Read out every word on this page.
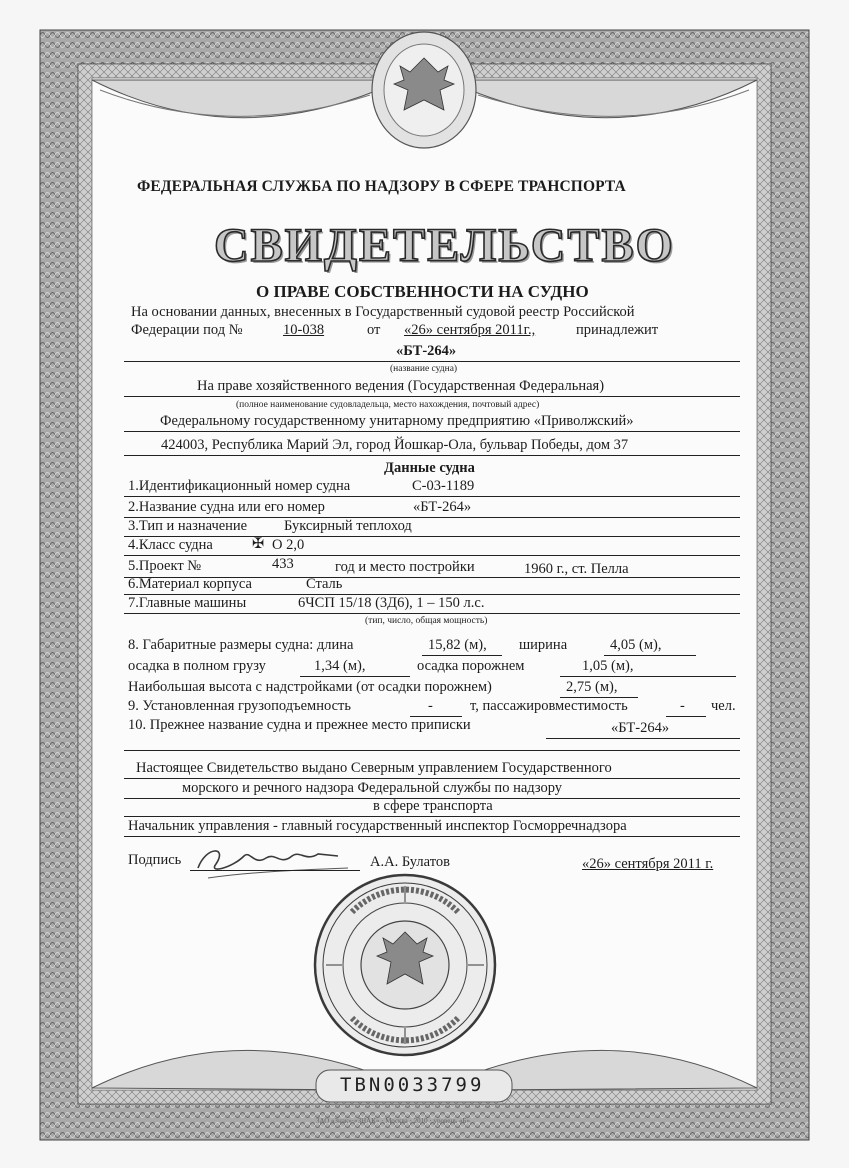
ФЕДЕРАЛЬНАЯ СЛУЖБА ПО НАДЗОРУ В СФЕРЕ ТРАНСПОРТА
СВИДЕТЕЛЬСТВО
О ПРАВЕ СОБСТВЕННОСТИ НА СУДНО
На основании данных, внесенных в Государственный судовой реестр Российской
Федерации под №	10-038	от «26» сентября 2011г.,	принадлежит
«БТ-264»
(название судна)
На праве хозяйственного ведения (Государственная Федеральная)
(полное наименование судовладельца, место нахождения, почтовый адрес)
Федеральному государственному унитарному предприятию «Приволжский»
424003, Республика Марий Эл, город Йошкар-Ола, бульвар Победы, дом 37
Данные судна
1.Идентификационный номер судна	С-03-1189
2.Название судна или его номер	«БТ-264»
3.Тип и назначение	Буксирный теплоход
4.Класс судна	✠ О 2,0
5.Проект №	433	год и место постройки	1960 г., ст. Пелла
6.Материал корпуса	Сталь
7.Главные машины	6ЧСП 15/18 (3Д6), 1 – 150 л.с.
(тип, число, общая мощность)
8. Габаритные размеры судна: длина	15,82 (м), ширина	4,05 (м),
осадка в полном грузу	1,34 (м),	осадка порожнем	1,05 (м),
Наибольшая высота с надстройками (от осадки порожнем)	2,75 (м),
9. Установленная грузоподъемность	-	т, пассажировместимость	- чел.
10. Прежнее название судна и прежнее место приписки	«БТ-264»
Настоящее Свидетельство выдано Северным управлением Государственного
морского и речного надзора Федеральной службы по надзору
в сфере транспорта
Начальник управления - главный государственный инспектор Госморречнадзора
Подпись	А.А. Булатов	«26» сентября 2011 г.
ТВN0033799
ЗАО «Знак»·«ЗНАК» · Москва · 2010 · уровень «Б»
